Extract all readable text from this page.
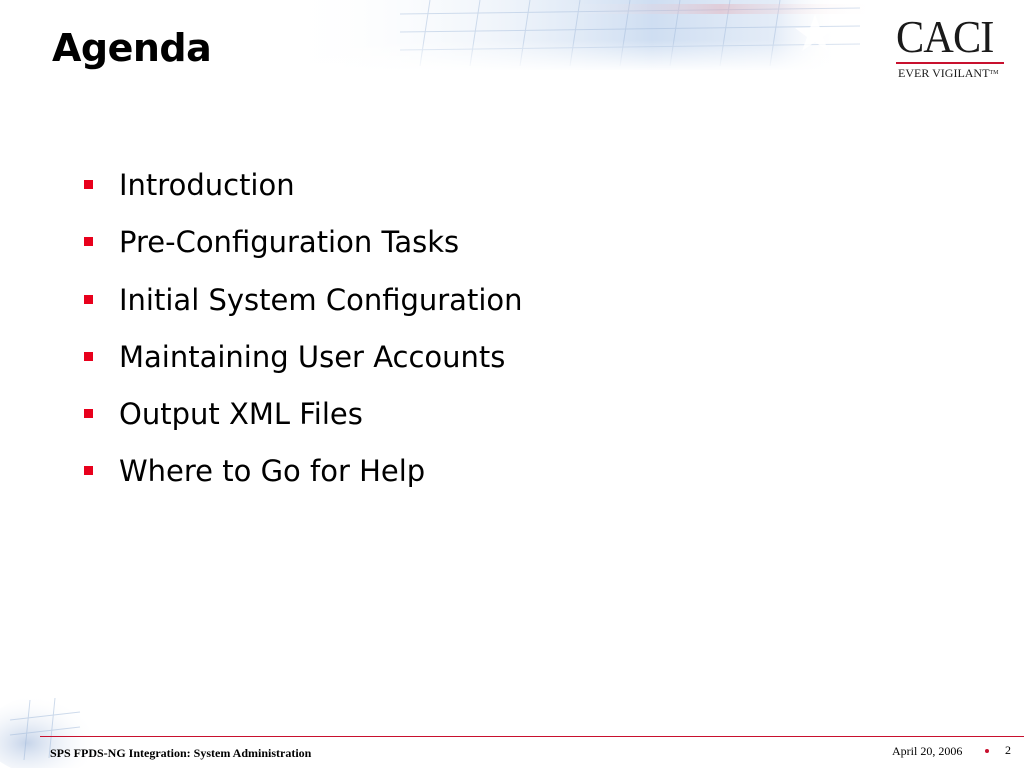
Agenda	CACI
EVER VIGILANT™
Introduction
Pre-Configuration Tasks
Initial System Configuration
Maintaining User Accounts
Output XML Files
Where to Go for Help
SPS FPDS-NG Integration: System Administration	April 20, 2006	2
